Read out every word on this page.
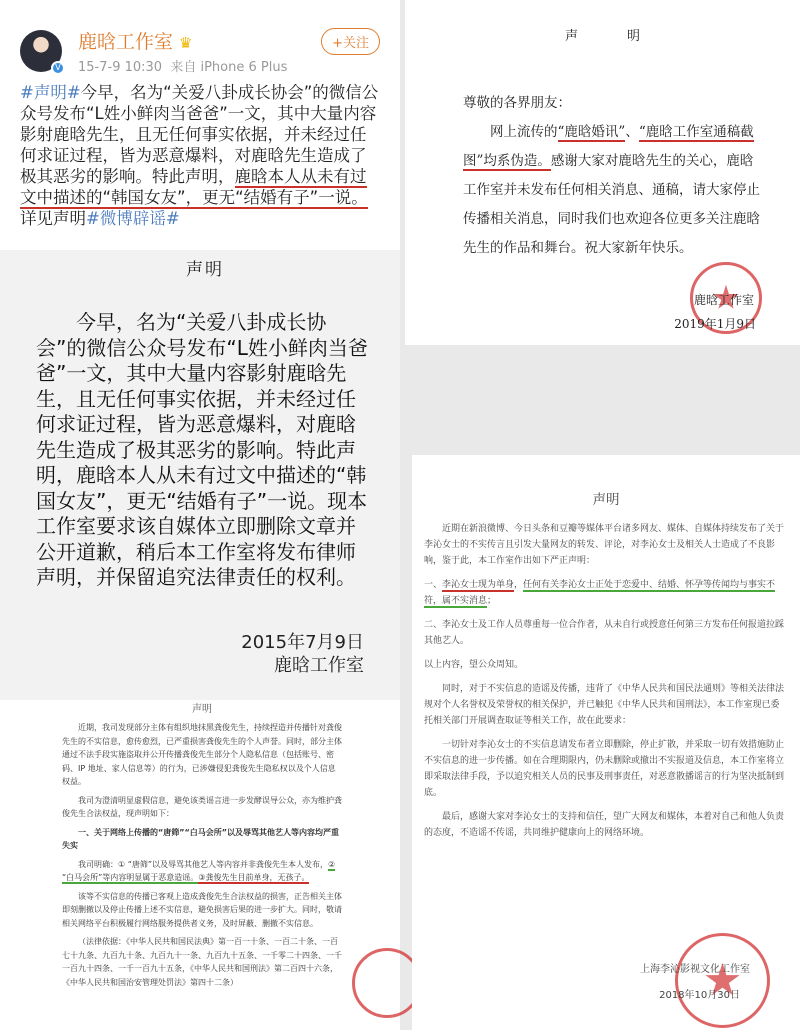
V
鹿晗工作室 ♛
15-7-9 10:30 来自 iPhone 6 Plus
+关注
#声明#今早，名为“关爱八卦成长协会”的微信公众号发布“L姓小鲜肉当爸爸”一文，其中大量内容影射鹿晗先生，且无任何事实依据，并未经过任何求证过程，皆为恶意爆料，对鹿晗先生造成了极其恶劣的影响。特此声明，鹿晗本人从未有过文中描述的“韩国女友”，更无“结婚有子”一说。详见声明#微博辟谣#
声明
今早，名为“关爱八卦成长协会”的微信公众号发布“L姓小鲜肉当爸爸”一文，其中大量内容影射鹿晗先生，且无任何事实依据，并未经过任何求证过程，皆为恶意爆料，对鹿晗先生造成了极其恶劣的影响。特此声明，鹿晗本人从未有过文中描述的“韩国女友”，更无“结婚有子”一说。现本工作室要求该自媒体立即删除文章并公开道歉，稍后本工作室将发布律师声明，并保留追究法律责任的权利。
2015年7月9日
鹿晗工作室
声明
近期，我司发现部分主体有组织地抹黑龚俊先生，持续捏造并传播针对龚俊先生的不实信息，愈传愈烈，已严重损害龚俊先生的个人声誉。同时，部分主体通过不法手段实施盗取并公开传播龚俊先生部分个人隐私信息（包括账号、密码、IP 地址、家人信息等）的行为，已涉嫌侵犯龚俊先生隐私权以及个人信息权益。
我司为澄清明显虚假信息，避免该类谣言进一步发酵误导公众，亦为维护龚俊先生合法权益，现声明如下：
一、关于网络上传播的“唐筛”“白马会所”以及辱骂其他艺人等内容均严重失实
我司明确：① “唐筛”以及辱骂其他艺人等内容并非龚俊先生本人发布，② “白马会所”等内容明显属于恶意造谣。③龚俊先生目前单身，无孩子。
该等不实信息的传播已客观上造成龚俊先生合法权益的损害，正告相关主体即刻删撤以及停止传播上述不实信息，避免损害后果的进一步扩大。同时，敬请相关网络平台积极履行网络服务提供者义务，及时屏蔽、删撤不实信息。
（法律依据：《中华人民共和国民法典》第一百一十条、一百二十条、一百七十九条、九百九十条、九百九十一条、九百九十五条、一千零二十四条、一千一百九十四条、一千一百九十五条，《中华人民共和国刑法》第二百四十六条，《中华人民共和国治安管理处罚法》第四十二条）
声　明
尊敬的各界朋友：
网上流传的“鹿晗婚讯”、“鹿晗工作室通稿截图”均系伪造。感谢大家对鹿晗先生的关心，鹿晗工作室并未发布任何相关消息、通稿，请大家停止传播相关消息，同时我们也欢迎各位更多关注鹿晗先生的作品和舞台。祝大家新年快乐。
鹿晗工作室
2019年1月9日
声明
近期在新浪微博、今日头条和豆瓣等媒体平台诸多网友、媒体、自媒体持续发布了关于李沁女士的不实传言且引发大量网友的转发、评论，对李沁女士及相关人士造成了不良影响，鉴于此，本工作室作出如下严正声明：
一、李沁女士现为单身，任何有关李沁女士正处于恋爱中、结婚、怀孕等传闻均与事实不符，属不实消息；
二、李沁女士及工作人员尊重每一位合作者，从未自行或授意任何第三方发布任何报道拉踩其他艺人。
以上内容，望公众周知。
同时，对于不实信息的造谣及传播，违背了《中华人民共和国民法通则》等相关法律法规对个人名誉权及荣誉权的相关保护，并已触犯《中华人民共和国刑法》，本工作室现已委托相关部门开展调查取证等相关工作，故在此要求：
一切针对李沁女士的不实信息请发布者立即删除，停止扩散，并采取一切有效措施防止不实信息的进一步传播。如在合理期限内，仍未删除或撤出不实报道及信息，本工作室将立即采取法律手段，予以追究相关人员的民事及刑事责任，对恶意散播谣言的行为坚决抵制到底。
最后，感谢大家对李沁女士的支持和信任，望广大网友和媒体，本着对自己和他人负责的态度，不造谣不传谣，共同维护健康向上的网络环境。
上海李沁影视文化工作室
2018年10月30日
